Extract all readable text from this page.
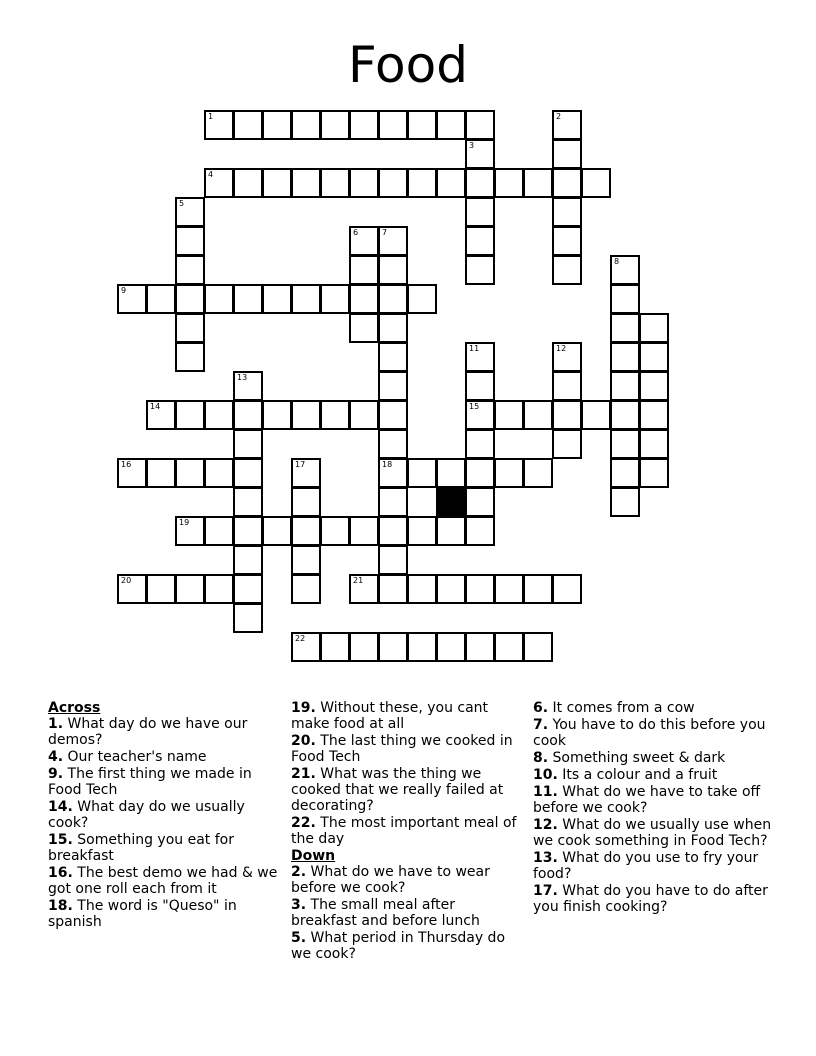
Food
1	2
3
4
5
6	7
8
9
11	12
13
14	15
16	17	18
19
20	21
22
Across
1. What day do we have our demos?
4. Our teacher's name
9. The first thing we made in Food Tech
14. What day do we usually cook?
15. Something you eat for breakfast
16. The best demo we had & we got one roll each from it
18. The word is "Queso" in spanish
19. Without these, you cant make food at all
20. The last thing we cooked in Food Tech
21. What was the thing we cooked that we really failed at decorating?
22. The most important meal of the day
Down
2. What do we have to wear before we cook?
3. The small meal after breakfast and before lunch
5. What period in Thursday do we cook?
6. It comes from a cow
7. You have to do this before you cook
8. Something sweet & dark
10. Its a colour and a fruit
11. What do we have to take off before we cook?
12. What do we usually use when we cook something in Food Tech?
13. What do you use to fry your food?
17. What do you have to do after you finish cooking?
